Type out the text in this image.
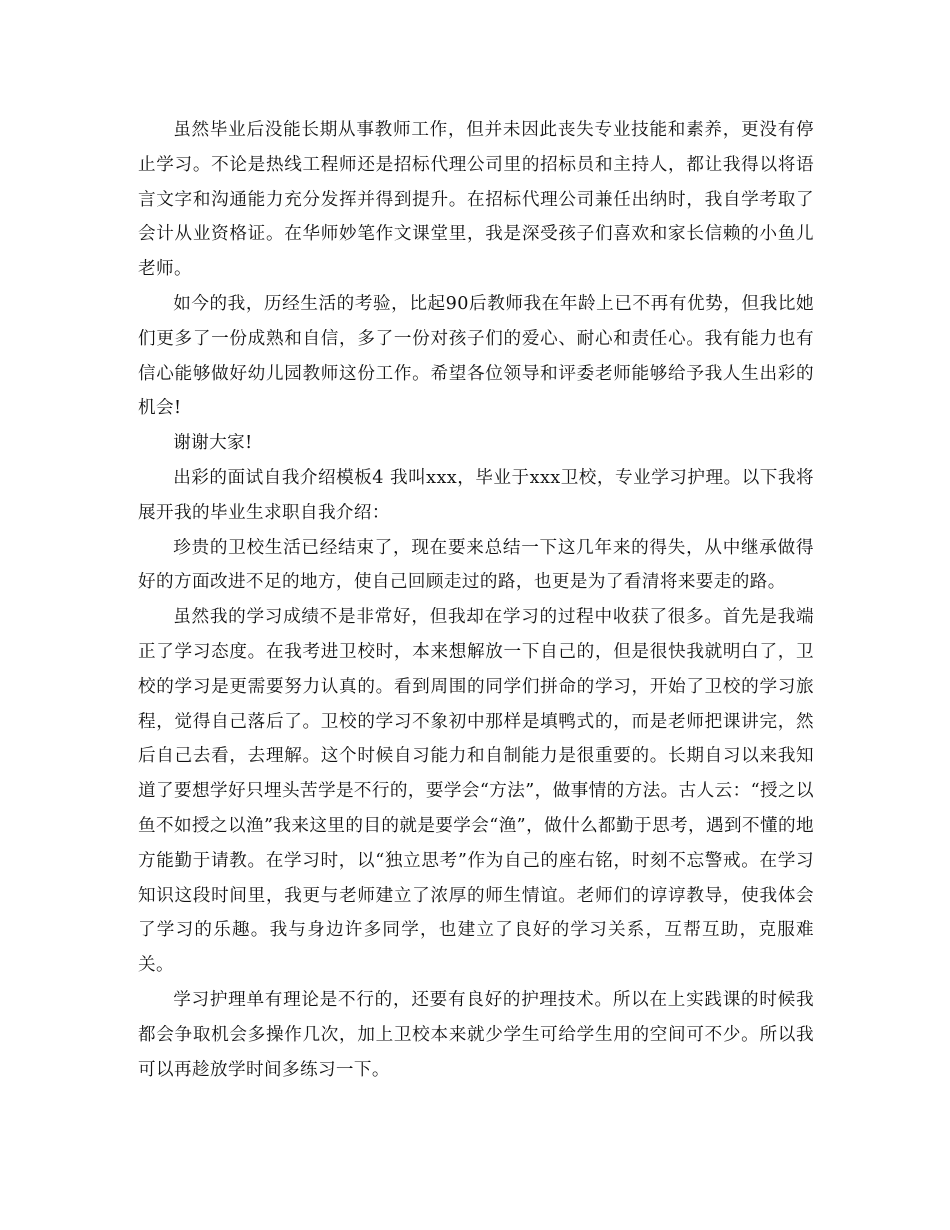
虽然毕业后没能长期从事教师工作，但并未因此丧失专业技能和素养，更没有停止学习。不论是热线工程师还是招标代理公司里的招标员和主持人，都让我得以将语言文字和沟通能力充分发挥并得到提升。在招标代理公司兼任出纳时，我自学考取了会计从业资格证。在华师妙笔作文课堂里，我是深受孩子们喜欢和家长信赖的小鱼儿老师。

如今的我，历经生活的考验，比起90后教师我在年龄上已不再有优势，但我比她们更多了一份成熟和自信，多了一份对孩子们的爱心、耐心和责任心。我有能力也有信心能够做好幼儿园教师这份工作。希望各位领导和评委老师能够给予我人生出彩的机会!

谢谢大家!

出彩的面试自我介绍模板4 我叫xxx，毕业于xxx卫校，专业学习护理。以下我将展开我的毕业生求职自我介绍：

珍贵的卫校生活已经结束了，现在要来总结一下这几年来的得失，从中继承做得好的方面改进不足的地方，使自己回顾走过的路，也更是为了看清将来要走的路。

虽然我的学习成绩不是非常好，但我却在学习的过程中收获了很多。首先是我端正了学习态度。在我考进卫校时，本来想解放一下自己的，但是很快我就明白了，卫校的学习是更需要努力认真的。看到周围的同学们拼命的学习，开始了卫校的学习旅程，觉得自己落后了。卫校的学习不象初中那样是填鸭式的，而是老师把课讲完，然后自己去看，去理解。这个时候自习能力和自制能力是很重要的。长期自习以来我知道了要想学好只埋头苦学是不行的，要学会“方法”，做事情的方法。古人云：“授之以鱼不如授之以渔”我来这里的目的就是要学会“渔”，做什么都勤于思考，遇到不懂的地方能勤于请教。在学习时，以“独立思考”作为自己的座右铭，时刻不忘警戒。在学习知识这段时间里，我更与老师建立了浓厚的师生情谊。老师们的谆谆教导，使我体会了学习的乐趣。我与身边许多同学，也建立了良好的学习关系，互帮互助，克服难关。

学习护理单有理论是不行的，还要有良好的护理技术。所以在上实践课的时候我都会争取机会多操作几次，加上卫校本来就少学生可给学生用的空间可不少。所以我可以再趁放学时间多练习一下。
